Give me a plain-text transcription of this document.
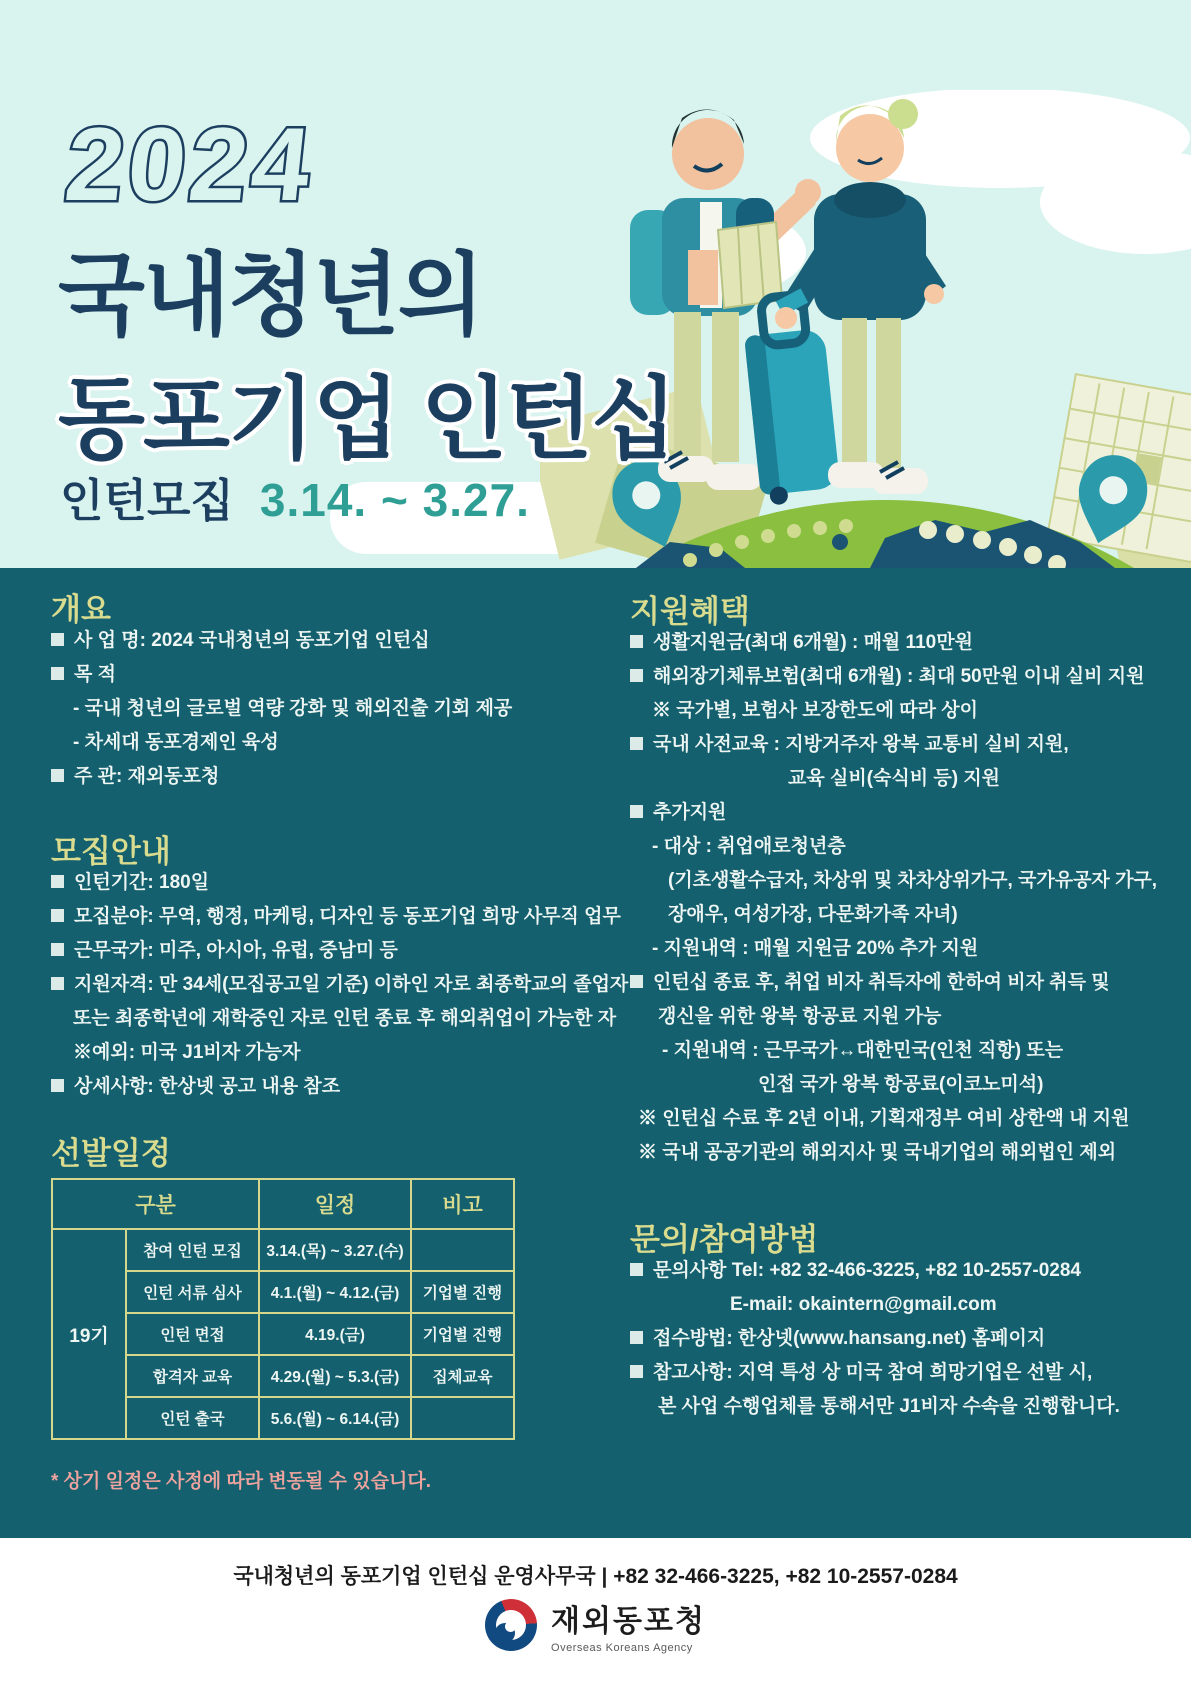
2024
국내청년의
동포기업 인턴십
인턴모집 3.14. ~ 3.27.
개요
사 업 명: 2024 국내청년의 동포기업 인턴십
목 적
- 국내 청년의 글로벌 역량 강화 및 해외진출 기회 제공
- 차세대 동포경제인 육성
주 관: 재외동포청
모집안내
인턴기간: 180일
모집분야: 무역, 행정, 마케팅, 디자인 등 동포기업 희망 사무직 업무
근무국가: 미주, 아시아, 유럽, 중남미 등
지원자격: 만 34세(모집공고일 기준) 이하인 자로 최종학교의 졸업자
또는 최종학년에 재학중인 자로 인턴 종료 후 해외취업이 가능한 자
※예외: 미국 J1비자 가능자
상세사항: 한상넷 공고 내용 참조
선발일정
구분		일정	비고
19기	참여 인턴 모집	3.14.(목) ~ 3.27.(수)	
	인턴 서류 심사	4.1.(월) ~ 4.12.(금)	기업별 진행
	인턴 면접	4.19.(금)	기업별 진행
	합격자 교육	4.29.(월) ~ 5.3.(금)	집체교육
	인턴 출국	5.6.(월) ~ 6.14.(금)	
* 상기 일정은 사정에 따라 변동될 수 있습니다.
지원혜택
생활지원금(최대 6개월) : 매월 110만원
해외장기체류보험(최대 6개월) : 최대 50만원 이내 실비 지원
※ 국가별, 보험사 보장한도에 따라 상이
국내 사전교육 : 지방거주자 왕복 교통비 실비 지원,
교육 실비(숙식비 등) 지원
추가지원
- 대상 : 취업애로청년층
(기초생활수급자, 차상위 및 차차상위가구, 국가유공자 가구,
장애우, 여성가장, 다문화가족 자녀)
- 지원내역 : 매월 지원금 20% 추가 지원
인턴십 종료 후, 취업 비자 취득자에 한하여 비자 취득 및
갱신을 위한 왕복 항공료 지원 가능
- 지원내역 : 근무국가↔대한민국(인천 직항) 또는
인접 국가 왕복 항공료(이코노미석)
※ 인턴십 수료 후 2년 이내, 기획재정부 여비 상한액 내 지원
※ 국내 공공기관의 해외지사 및 국내기업의 해외법인 제외
문의/참여방법
문의사항 Tel: +82 32-466-3225, +82 10-2557-0284
E-mail: okaintern@gmail.com
접수방법: 한상넷(www.hansang.net) 홈페이지
참고사항: 지역 특성 상 미국 참여 희망기업은 선발 시,
본 사업 수행업체를 통해서만 J1비자 수속을 진행합니다.
국내청년의 동포기업 인턴십 운영사무국 | +82 32-466-3225, +82 10-2557-0284
재외동포청
Overseas Koreans Agency
